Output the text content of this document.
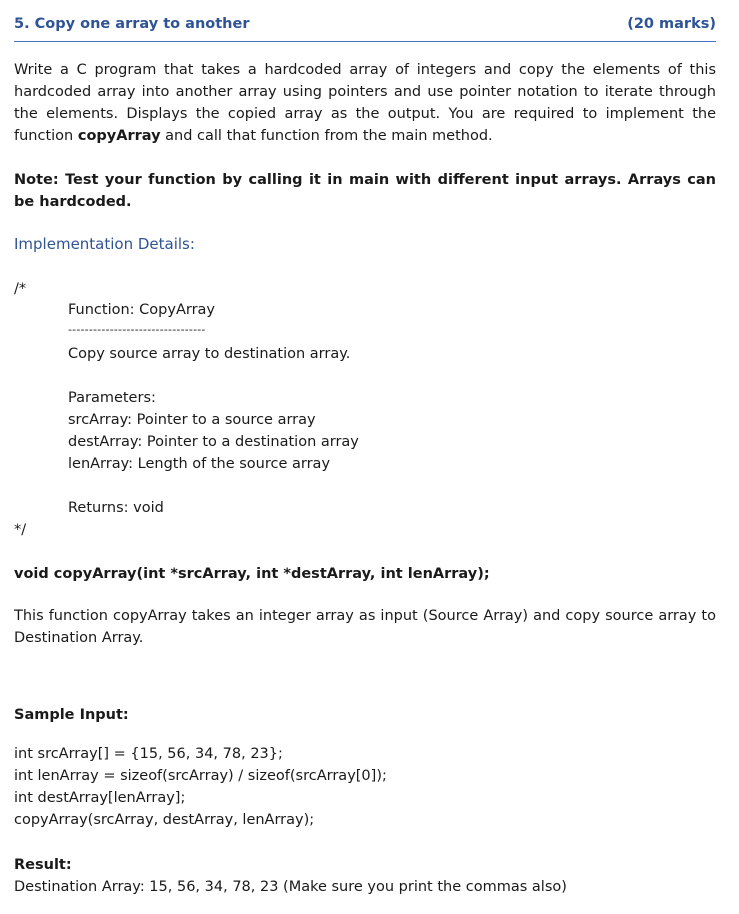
5. Copy one array to another	(20 marks)
Write a C program that takes a hardcoded array of integers and copy the elements of this hardcoded array into another array using pointers and use pointer notation to iterate through the elements. Displays the copied array as the output. You are required to implement the function copyArray and call that function from the main method.
Note: Test your function by calling it in main with different input arrays. Arrays can be hardcoded.
Implementation Details:
/*
Function: CopyArray
---------------------------------
Copy source array to destination array.
Parameters:
srcArray: Pointer to a source array
destArray: Pointer to a destination array
lenArray: Length of the source array
Returns: void
*/
void copyArray(int *srcArray, int *destArray, int lenArray);
This function copyArray takes an integer array as input (Source Array) and copy source array to Destination Array.
Sample Input:
int srcArray[] = {15, 56, 34, 78, 23};
int lenArray = sizeof(srcArray) / sizeof(srcArray[0]);
int destArray[lenArray];
copyArray(srcArray, destArray, lenArray);
Result:
Destination Array: 15, 56, 34, 78, 23 (Make sure you print the commas also)
